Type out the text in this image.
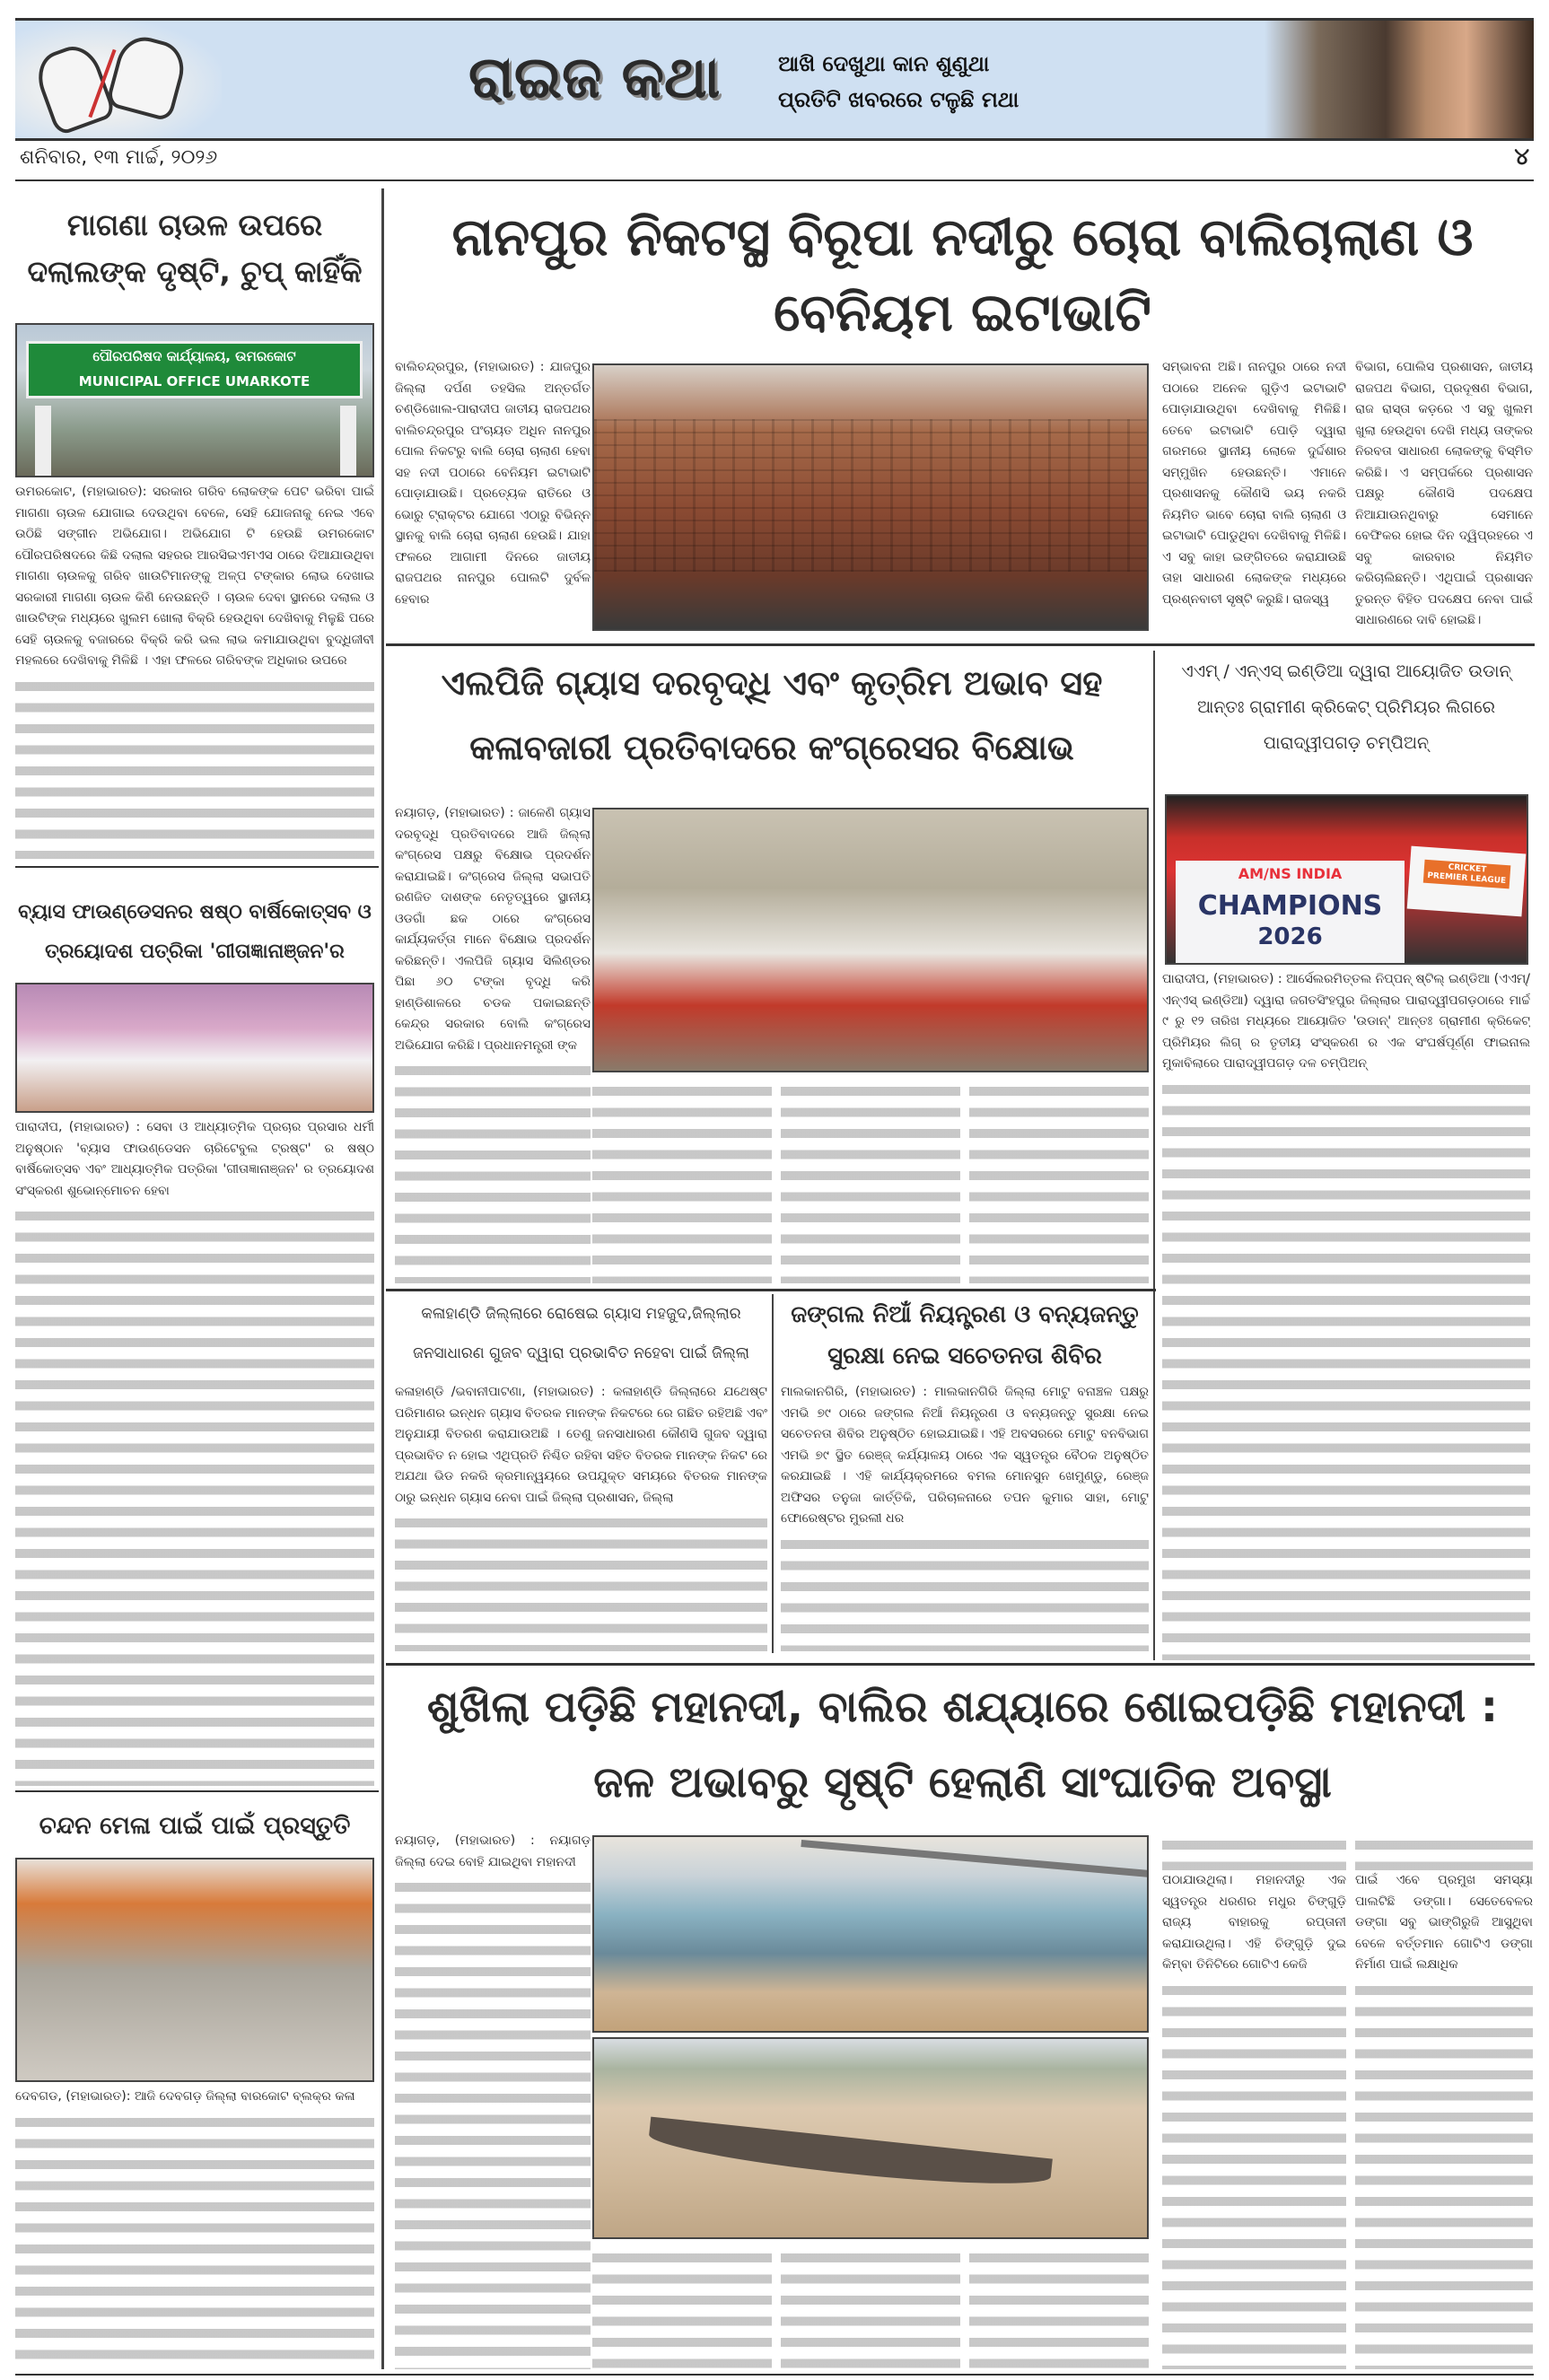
ରାଇଜ କଥା	ଆଖି ଦେଖୁଥା କାନ ଶୁଣୁଥା
ପ୍ରତିଟି ଖବରରେ ଟଳୁଛି ମଥା
ଶନିବାର, ୧୩ ମାର୍ଚ୍ଚ, ୨୦୨୬	୪
ମାଗଣା ଚାଉଳ ଉପରେ ଦଲାଲଙ୍କ ଦୃଷ୍ଟି, ଚୁପ୍ କାହିଁକି
ପୌରପରିଷଦ କାର୍ଯ୍ୟାଳୟ, ଉମରକୋଟ
MUNICIPAL OFFICE UMARKOTE
ଉମରକୋଟ, (ମହାଭାରତ): ସରକାର ଗରିବ ଲୋକଙ୍କ ପେଟ ଭରିବା ପାଇଁ ମାଗଣା ଚାଉଳ ଯୋଗାଇ ଦେଉଥିବା ବେଳେ, ସେହି ଯୋଜନାକୁ ନେଇ ଏବେ ଉଠିଛି ସଙ୍ଗୀନ ଅଭିଯୋଗ। ଅଭିଯୋଗ ଟି ହେଉଛି ଉମରକୋଟ ପୌରପରିଷଦରେ କିଛି ଦଲାଲ ସହରର ଆରସିଇଏମଏସ ଠାରେ ଦିଆଯାଉଥିବା ମାଗଣା ଚାଉଳକୁ ଗରିବ ଖାଉଟିମାନଙ୍କୁ ଅଳ୍ପ ଟଙ୍କାର ଲୋଭ ଦେଖାଇ ସରକାରୀ ମାଗଣା ଚାଉଳ କିଣି ନେଉଛନ୍ତି । ଚାଉଳ ଦେବା ସ୍ଥାନରେ ଦଲାଲ ଓ ଖାଉଟିଙ୍କ ମଧ୍ୟରେ ଖୁଲମ ଖୋଲା ବିକ୍ରି ହେଉଥିବା ଦେଖିବାକୁ ମିଳୁଛି ପରେ ସେହି ଚାଉଳକୁ ବଜାରରେ ବିକ୍ରି କରି ଭଲ ଲାଭ କମାଯାଉଥିବା ବୁଦ୍ଧିଜୀବୀ ମହଲରେ ଦେଖିବାକୁ ମିଳିଛି । ଏହା ଫଳରେ ଗରିବଙ୍କ ଅଧିକାର ଉପରେ
ବ୍ୟାସ ଫାଉଣ୍ଡେସନର ଷଷ୍ଠ ବାର୍ଷିକୋତ୍ସବ ଓ ତ୍ରୟୋଦଶ ପତ୍ରିକା 'ଗୀତାଜ୍ଞାନାଞ୍ଜନ'ର
ପାରାଦୀପ, (ମହାଭାରତ) : ସେବା ଓ ଆଧ୍ୟାତ୍ମିକ ପ୍ରଚାର ପ୍ରସାର ଧର୍ମୀ ଅନୁଷ୍ଠାନ 'ବ୍ୟାସ ଫାଉଣ୍ଡେସନ ଚାରିଟେବୁଲ ଟ୍ରଷ୍ଟ' ର ଷଷ୍ଠ ବାର୍ଷିକୋତ୍ସବ ଏବଂ ଆଧ୍ୟାତ୍ମିକ ପତ୍ରିକା 'ଗୀତାଜ୍ଞାନାଞ୍ଜନ' ର ତ୍ରୟୋଦଶ ସଂସ୍କରଣ ଶୁଭୋନ୍ମୋଚନ ହେବା
ଚନ୍ଦନ ମେଳା ପାଇଁ ପାଇଁ ପ୍ରସ୍ତୁତି
ଦେବଗଡ, (ମହାଭାରତ): ଆଜି ଦେବଗଡ଼ ଜିଲ୍ଲା ବାରକୋଟ ବ୍ଲକ୍ର କଳା
ନାନପୁର ନିକଟସ୍ଥ ବିରୂପା ନଦୀରୁ ଚୋରା ବାଲିଚାଲାଣ ଓ ବେନିୟମ ଇଟାଭାଟି
ବାଲିଚନ୍ଦ୍ରପୁର, (ମହାଭାରତ) : ଯାଜପୁର ଜିଲ୍ଲା ଦର୍ପଣ ତହସିଲ ଅନ୍ତର୍ଗତ ଚଣ୍ଡିଖୋଲ-ପାରାଦୀପ ଜାତୀୟ ରାଜପଥର ବାଲିଚନ୍ଦ୍ରପୁର ପଂଚାୟତ ଅଧିନ ନାନପୁର ପୋଲ ନିକଟରୁ ବାଲି ଚୋରା ଚାଲାଣ ହେବା ସହ ନଦୀ ପଠାରେ ବେନିୟମ ଇଟାଭାଟି ପୋଡ଼ାଯାଉଛି। ପ୍ରତ୍ୟେକ ରାତିରେ ଓ ଭୋରୁ ଟ୍ରାକ୍ଟର ଯୋଗେ ଏଠାରୁ ବିଭିନ୍ନ ସ୍ଥାନକୁ ବାଲି ଚୋରା ଚାଲାଣ ହେଉଛି। ଯାହା ଫଳରେ ଆଗାମୀ ଦିନରେ ଜାତୀୟ ରାଜପଥର ନାନପୁର ପୋଲଟି ଦୁର୍ବଳ ହେବାର
ସମ୍ଭାବନା ଅଛି। ନାନପୁର ଠାରେ ନଦୀ ପଠାରେ ଅନେକ ଗୁଡ଼ିଏ ଇଟାଭାଟି ପୋଡ଼ାଯାଉଥିବା ଦେଖିବାକୁ ମିଳିଛି। ତେବେ ଇଟାଭାଟି ପୋଡ଼ି ଦ୍ୱାରା ଗରମରେ ସ୍ଥାନୀୟ ଲୋକେ ଦୁର୍ଦ୍ଦଶାର ସମ୍ମୁଖିନ ହେଉଛନ୍ତି। ଏମାନେ ପ୍ରଶାସନକୁ କୌଣସି ଭୟ ନକରି ନିୟମିତ ଭାବେ ଚୋରା ବାଲି ଚାଲାଣ ଓ ଇଟାଭାଟି ପୋଡୁଥିବା ଦେଖିବାକୁ ମିଳିଛି। ଏ ସବୁ କାହା ଇଙ୍ଗିତରେ କରାଯାଉଛି ତାହା ସାଧାରଣ ଲୋକଙ୍କ ମଧ୍ୟରେ ପ୍ରଶ୍ନବାଚୀ ସୃଷ୍ଟି କରୁଛି। ରାଜସ୍ୱ
ବିଭାଗ, ପୋଲିସ ପ୍ରଶାସନ, ଜାତୀୟ ରାଜପଥ ବିଭାଗ, ପ୍ରଦୂଷଣ ବିଭାଗ, ରାଜ ରାସ୍ତା କଡ଼ରେ ଏ ସବୁ ଖୁଲମ ଖୁଲା ହେଉଥିବା ଦେଖି ମଧ୍ୟ ତାଙ୍କର ନିରବତା ସାଧାରଣ ଲୋକଙ୍କୁ ବିସ୍ମିତ କରିଛି। ଏ ସମ୍ପର୍କରେ ପ୍ରଶାସନ ପକ୍ଷରୁ କୌଣସି ପଦକ୍ଷେପ ନିଆଯାଉନଥିବାରୁ ସେମାନେ ବେଫିକର ହୋଇ ଦିନ ଦ୍ୱିପ୍ରହରେ ଏ ସବୁ କାରବାର ନିୟମିତ କରିଚାଲିଛନ୍ତି। ଏଥିପାଇଁ ପ୍ରଶାସନ ତୁରନ୍ତ ବିହିତ ପଦକ୍ଷେପ ନେବା ପାଇଁ ସାଧାରଣରେ ଦାବି ହୋଇଛି।
ଏଲପିଜି ଗ୍ୟାସ ଦରବୃଦ୍ଧି ଏବଂ କୃତ୍ରିମ ଅଭାବ ସହ କଳାବଜାରୀ ପ୍ରତିବାଦରେ କଂଗ୍ରେସର ବିକ୍ଷୋଭ
ନୟାଗଡ଼, (ମହାଭାରତ) : ଜାଳେଣି ଗ୍ୟାସ ଦରବୃଦ୍ଧି ପ୍ରତିବାଦରେ ଆଜି ଜିଲ୍ଲା କଂଗ୍ରେସ ପକ୍ଷରୁ ବିକ୍ଷୋଭ ପ୍ରଦର୍ଶନ କରାଯାଇଛି। କଂଗ୍ରେସ ଜିଲ୍ଲା ସଭାପତି ରଣଜିତ ଦାଶଙ୍କ ନେତୃତ୍ୱରେ ସ୍ଥାନୀୟ ଓଡଗାଁ ଛକ ଠାରେ କଂଗ୍ରେସ କାର୍ଯ୍ୟକର୍ତ୍ତା ମାନେ ବିକ୍ଷୋଭ ପ୍ରଦର୍ଶନ କରିଛନ୍ତି। ଏଲପିଜି ଗ୍ୟାସ ସିଲିଣ୍ଡର ପିଛା ୬୦ ଟଙ୍କା ବୃଦ୍ଧି କରି ହାଣ୍ଡିଶାଳରେ ଚଡକ ପକାଇଛନ୍ତି କେନ୍ଦ୍ର ସରକାର ବୋଲି କଂଗ୍ରେସ ଅଭିଯୋଗ କରିଛି। ପ୍ରଧାନମନ୍ତ୍ରୀ ଙ୍କ
ଏଏମ୍ / ଏନ୍ଏସ୍ ଇଣ୍ଡିଆ ଦ୍ୱାରା ଆୟୋଜିତ ଉଡାନ୍ ଆନ୍ତଃ ଗ୍ରାମୀଣ କ୍ରିକେଟ୍ ପ୍ରିମିୟର ଲିଗରେ ପାରାଦ୍ୱୀପଗଡ଼ ଚମ୍ପିଅନ୍
AM/NS INDIA
CHAMPIONS
2026
CRICKET
PREMIER LEAGUE
ପାରାଦୀପ, (ମହାଭାରତ) : ଆର୍ସେଲରମିତ୍ତଲ ନିପ୍ପନ୍ ଷ୍ଟିଲ୍ ଇଣ୍ଡିଆ (ଏଏମ୍/ଏନ୍ଏସ୍ ଇଣ୍ଡିଆ) ଦ୍ୱାରା ଜଗତସିଂହପୁର ଜିଲ୍ଲାର ପାରାଦ୍ୱୀପଗଡ଼ଠାରେ ମାର୍ଚ୍ଚ ୯ ରୁ ୧୨ ତାରିଖ ମଧ୍ୟରେ ଆୟୋଜିତ 'ଉଡାନ୍' ଆନ୍ତଃ ଗ୍ରାମୀଣ କ୍ରିକେଟ୍ ପ୍ରିମିୟର ଲିଗ୍ ର ତୃତୀୟ ସଂସ୍କରଣ ର ଏକ ସଂଘର୍ଷପୂର୍ଣ୍ଣ ଫାଇନାଲ ମୁକାବିଲାରେ ପାରାଦ୍ୱୀପଗଡ଼ ଦଳ ଚମ୍ପିଅନ୍
କଳାହାଣ୍ଡି ଜିଲ୍ଲାରେ ରୋଷେଇ ଗ୍ୟାସ ମହଜୁଦ,ଜିଲ୍ଲାର ଜନସାଧାରଣ ଗୁଜବ ଦ୍ୱାରା ପ୍ରଭାବିତ ନହେବା ପାଇଁ ଜିଲ୍ଲା
କଳାହାଣ୍ଡି /ଭବାନୀପାଟଣା, (ମହାଭାରତ) : କଳାହାଣ୍ଡି ଜିଲ୍ଲାରେ ଯଥେଷ୍ଟ ପରିମାଣର ଇନ୍ଧନ ଗ୍ୟାସ ବିତରକ ମାନଙ୍କ ନିକଟରେ ରେ ଗଛିତ ରହିଅଛି ଏବଂ ଅନୁଯାୟୀ ବିତରଣ କରାଯାଉଅଛି । ତେଣୁ ଜନସାଧାରଣ କୌଣସି ଗୁଜବ ଦ୍ୱାରା ପ୍ରଭାବିତ ନ ହୋଇ ଏଥିପ୍ରତି ନିଶ୍ଚିତ ରହିବା ସହିତ ବିତରକ ମାନଙ୍କ ନିକଟ ରେ ଅଯଥା ଭିଡ ନକରି କ୍ରମାନ୍ୱୟରେ ଉପଯୁକ୍ତ ସମୟରେ ବିତରକ ମାନଙ୍କ ଠାରୁ ଇନ୍ଧନ ଗ୍ୟାସ ନେବା ପାଇଁ ଜିଲ୍ଲା ପ୍ରଶାସନ, ଜିଲ୍ଲା
ଜଙ୍ଗଲ ନିଆଁ ନିୟନ୍ତ୍ରଣ ଓ ବନ୍ୟଜନ୍ତୁ ସୁରକ୍ଷା ନେଇ ସଚେତନତା ଶିବିର
ମାଲକାନଗିରି, (ମହାଭାରତ) : ମାଲକାନଗିରି ଜିଲ୍ଲା ମୋଟୁ ବନାଞ୍ଚଳ ପକ୍ଷରୁ ଏମଭି ୭୯ ଠାରେ ଜଙ୍ଗଲ ନିଆଁ ନିୟନ୍ତ୍ରଣ ଓ ବନ୍ୟଜନ୍ତୁ ସୁରକ୍ଷା ନେଇ ସଚେତନତା ଶିବିର ଅନୁଷ୍ଠିତ ହୋଇଯାଇଛି। ଏହି ଅବସରରେ ମୋଟୁ ବନବିଭାଗ ଏମଭି ୭୯ ସ୍ଥିତ ରେଞ୍ଜ୍ କର୍ଯ୍ୟାଳୟ ଠାରେ ଏକ ସ୍ୱତନ୍ତ୍ର ବୈଠକ ଅନୁଷ୍ଠିତ କରଯାଇଛି । ଏହି କାର୍ଯ୍ୟକ୍ରମରେ ବମଲ ମୋନସୁନ ଖେମୁଣ୍ଡୁ, ରେଞ୍ଜ ଅଫିସର ତନୁଜା କାର୍ତ୍ତିକି, ପରିଚାଳନାରେ ତପନ କୁମାର ସାହା, ମୋଟୁ ଫୋରେଷ୍ଟର ମୁରଲୀ ଧର
ଶୁଖିଲା ପଡ଼ିଛି ମହାନଦୀ, ବାଲିର ଶଯ୍ୟାରେ ଶୋଇପଡ଼ିଛି ମହାନଦୀ : ଜଳ ଅଭାବରୁ ସୃଷ୍ଟି ହେଲାଣି ସାଂଘାତିକ ଅବସ୍ଥା
ନୟାଗଡ଼, (ମହାଭାରତ) : ନୟାଗଡ଼ ଜିଲ୍ଲା ଦେଇ ବୋହି ଯାଇଥିବା ମହାନଦୀ
ପଠାଯାଉଥିଲା। ମହାନଦୀରୁ ଏକ ସ୍ୱତନ୍ତ୍ର ଧରଣର ମଧୁର ଚିଙ୍ଗୁଡ଼ି ରାଜ୍ୟ ବାହାରକୁ ରପ୍ତାନୀ କରାଯାଉଥିଲା। ଏହି ଚିଙ୍ଗୁଡ଼ି ଦୁଇ କିମ୍ବା ତିନିଟିରେ ଗୋଟିଏ କେଜି
ପାଇଁ ଏବେ ପ୍ରମୁଖ ସମସ୍ୟା ପାଲଟିଛି ଡଙ୍ଗା। ସେତେବେଳର ଡଙ୍ଗା ସବୁ ଭାଙ୍ଗିରୁଜି ଆସୁଥିବା ବେଳେ ବର୍ତ୍ତମାନ ଗୋଟିଏ ଡଙ୍ଗା ନିର୍ମାଣ ପାଇଁ ଲକ୍ଷାଧିକ
